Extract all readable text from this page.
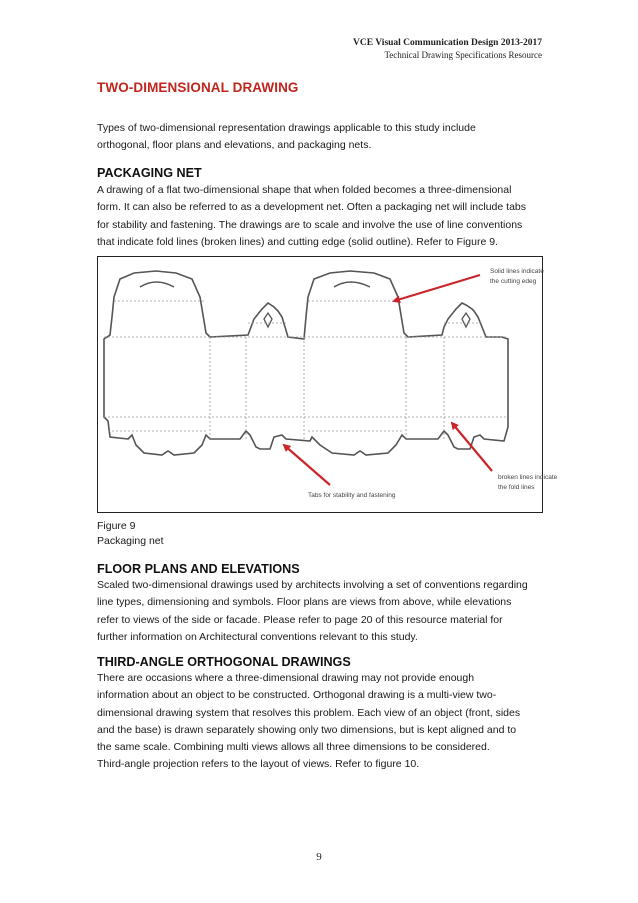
VCE Visual Communication Design 2013-2017
Technical Drawing Specifications Resource
TWO-DIMENSIONAL DRAWING
Types of two-dimensional representation drawings applicable to this study include
orthogonal, floor plans and elevations, and packaging nets.
PACKAGING NET
A drawing of a flat two-dimensional shape that when folded becomes a three-dimensional
form. It can also be referred to as a development net. Often a packaging net will include tabs
for stability and fastening. The drawings are to scale and involve the use of line conventions
that indicate fold lines (broken lines) and cutting edge (solid outline). Refer to Figure 9.
Solid lines indicate
the cutting edeg
broken lines indicate
the fold lines
Tabs for stability and fastening
Figure 9
Packaging net
FLOOR PLANS AND ELEVATIONS
Scaled two-dimensional drawings used by architects involving a set of conventions regarding
line types, dimensioning and symbols. Floor plans are views from above, while elevations
refer to views of the side or facade. Please refer to page 20 of this resource material for
further information on Architectural conventions relevant to this study.
THIRD-ANGLE ORTHOGONAL DRAWINGS
There are occasions where a three-dimensional drawing may not provide enough
information about an object to be constructed. Orthogonal drawing is a multi-view two-
dimensional drawing system that resolves this problem. Each view of an object (front, sides
and the base) is drawn separately showing only two dimensions, but is kept aligned and to
the same scale. Combining multi views allows all three dimensions to be considered.
Third-angle projection refers to the layout of views. Refer to figure 10.
9
